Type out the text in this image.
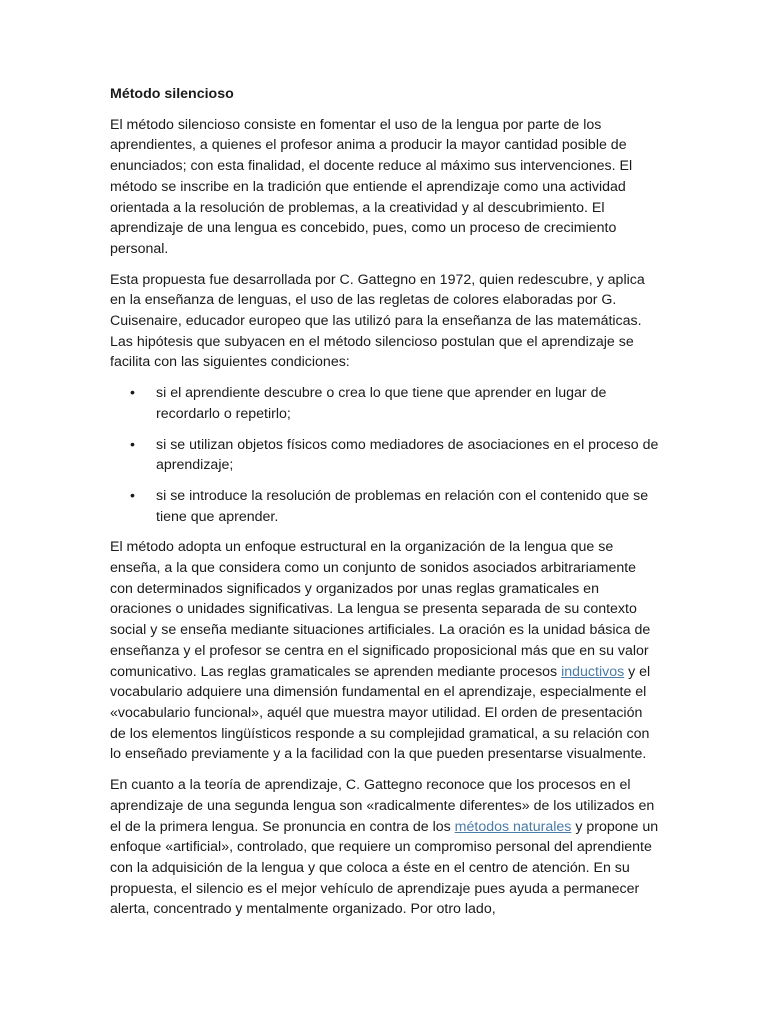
Método silencioso

El método silencioso consiste en fomentar el uso de la lengua por parte de los aprendientes, a quienes el profesor anima a producir la mayor cantidad posible de enunciados; con esta finalidad, el docente reduce al máximo sus intervenciones. El método se inscribe en la tradición que entiende el aprendizaje como una actividad orientada a la resolución de problemas, a la creatividad y al descubrimiento. El aprendizaje de una lengua es concebido, pues, como un proceso de crecimiento personal.

Esta propuesta fue desarrollada por C. Gattegno en 1972, quien redescubre, y aplica en la enseñanza de lenguas, el uso de las regletas de colores elaboradas por G. Cuisenaire, educador europeo que las utilizó para la enseñanza de las matemáticas. Las hipótesis que subyacen en el método silencioso postulan que el aprendizaje se facilita con las siguientes condiciones:

• si el aprendiente descubre o crea lo que tiene que aprender en lugar de recordarlo o repetirlo;
• si se utilizan objetos físicos como mediadores de asociaciones en el proceso de aprendizaje;
• si se introduce la resolución de problemas en relación con el contenido que se tiene que aprender.

El método adopta un enfoque estructural en la organización de la lengua que se enseña, a la que considera como un conjunto de sonidos asociados arbitrariamente con determinados significados y organizados por unas reglas gramaticales en oraciones o unidades significativas. La lengua se presenta separada de su contexto social y se enseña mediante situaciones artificiales. La oración es la unidad básica de enseñanza y el profesor se centra en el significado proposicional más que en su valor comunicativo. Las reglas gramaticales se aprenden mediante procesos inductivos y el vocabulario adquiere una dimensión fundamental en el aprendizaje, especialmente el «vocabulario funcional», aquél que muestra mayor utilidad. El orden de presentación de los elementos lingüísticos responde a su complejidad gramatical, a su relación con lo enseñado previamente y a la facilidad con la que pueden presentarse visualmente.

En cuanto a la teoría de aprendizaje, C. Gattegno reconoce que los procesos en el aprendizaje de una segunda lengua son «radicalmente diferentes» de los utilizados en el de la primera lengua. Se pronuncia en contra de los métodos naturales y propone un enfoque «artificial», controlado, que requiere un compromiso personal del aprendiente con la adquisición de la lengua y que coloca a éste en el centro de atención. En su propuesta, el silencio es el mejor vehículo de aprendizaje pues ayuda a permanecer alerta, concentrado y mentalmente organizado. Por otro lado,
